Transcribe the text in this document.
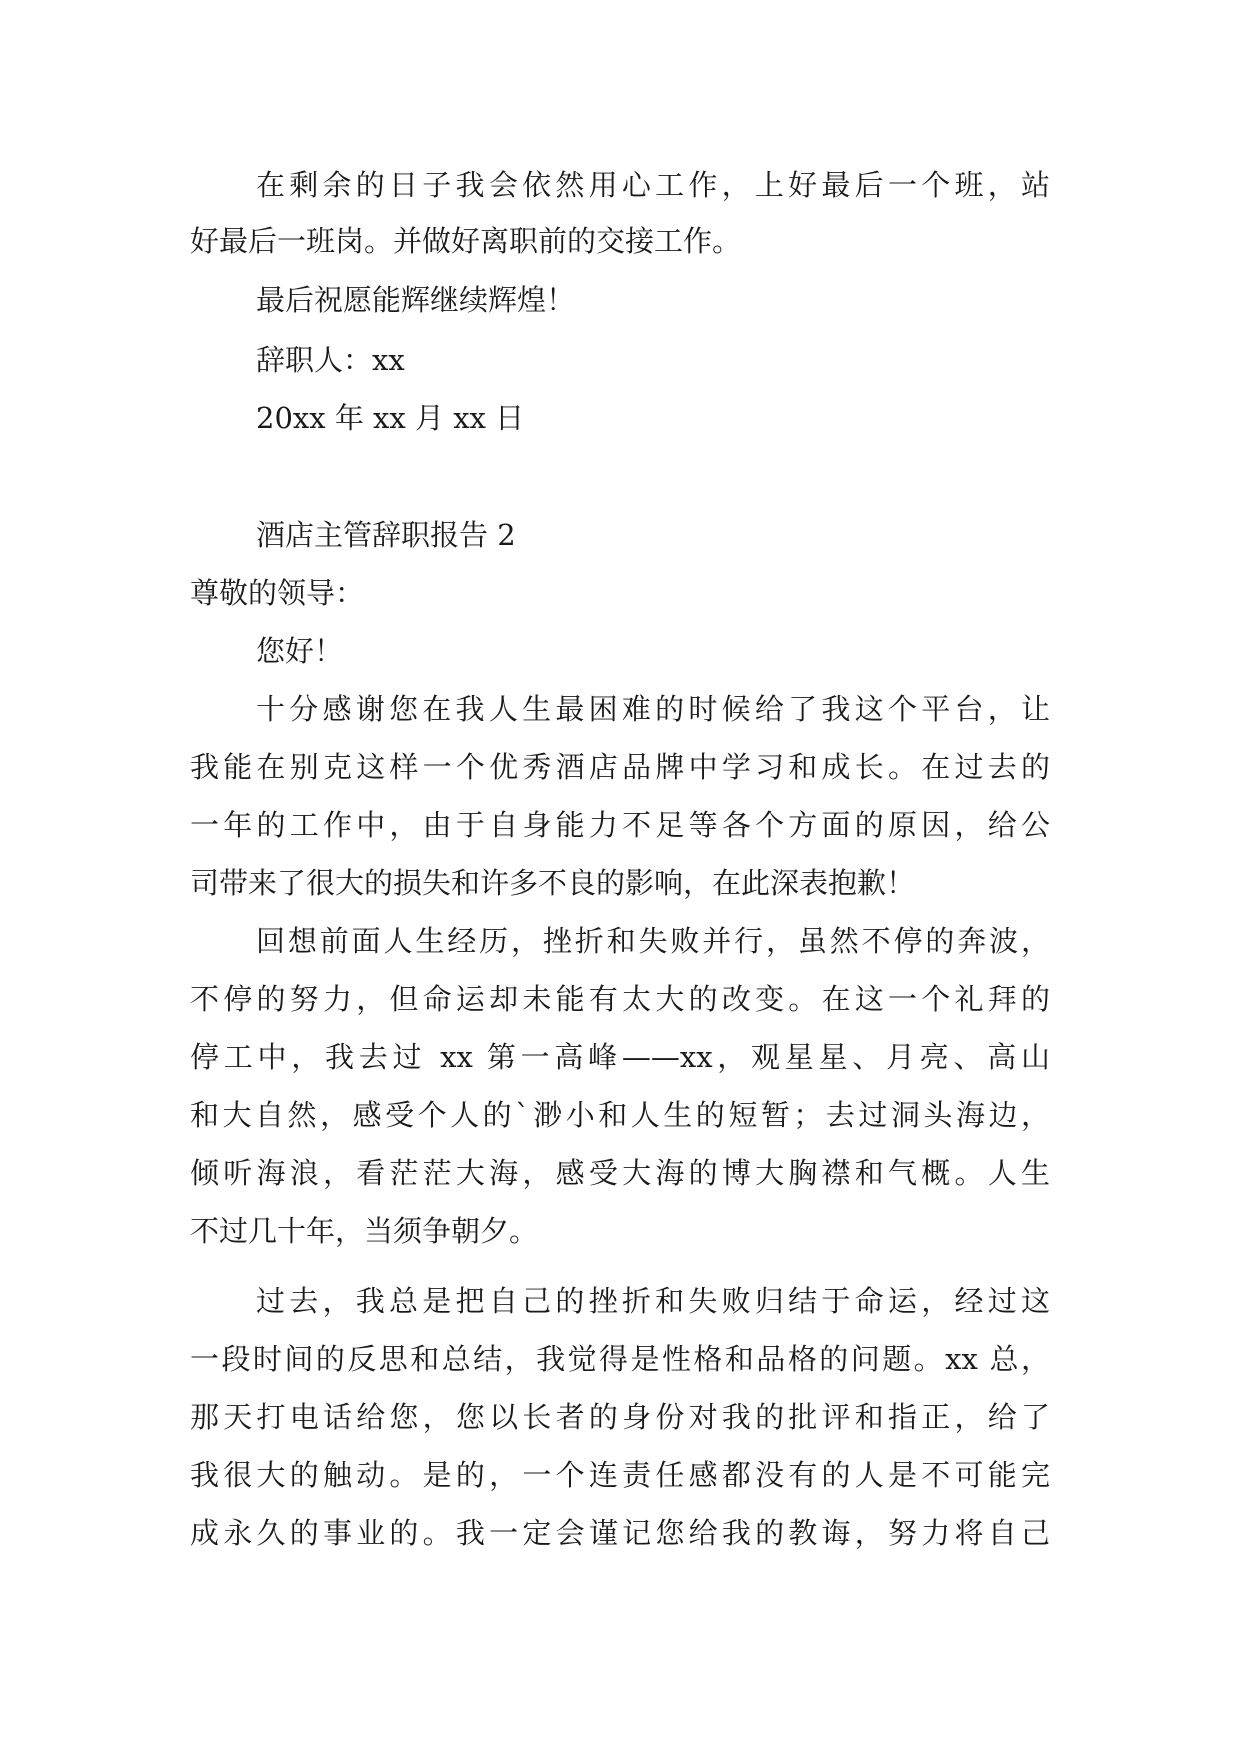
在剩余的日子我会依然用心工作，上好最后一个班，站
好最后一班岗。并做好离职前的交接工作。
最后祝愿能辉继续辉煌！
辞职人：xx
20xx 年 xx 月 xx 日
酒店主管辞职报告 2
尊敬的领导：
您好！
十分感谢您在我人生最困难的时候给了我这个平台，让
我能在别克这样一个优秀酒店品牌中学习和成长。在过去的
一年的工作中，由于自身能力不足等各个方面的原因，给公
司带来了很大的损失和许多不良的影响，在此深表抱歉！
回想前面人生经历，挫折和失败并行，虽然不停的奔波，
不停的努力，但命运却未能有太大的改变。在这一个礼拜的
停工中，我去过 xx 第一高峰——xx，观星星、月亮、高山
和大自然，感受个人的`渺小和人生的短暂；去过洞头海边，
倾听海浪，看茫茫大海，感受大海的博大胸襟和气概。人生
不过几十年，当须争朝夕。
过去，我总是把自己的挫折和失败归结于命运，经过这
一段时间的反思和总结，我觉得是性格和品格的问题。xx 总，
那天打电话给您，您以长者的身份对我的批评和指正，给了
我很大的触动。是的，一个连责任感都没有的人是不可能完
成永久的事业的。我一定会谨记您给我的教诲，努力将自己
